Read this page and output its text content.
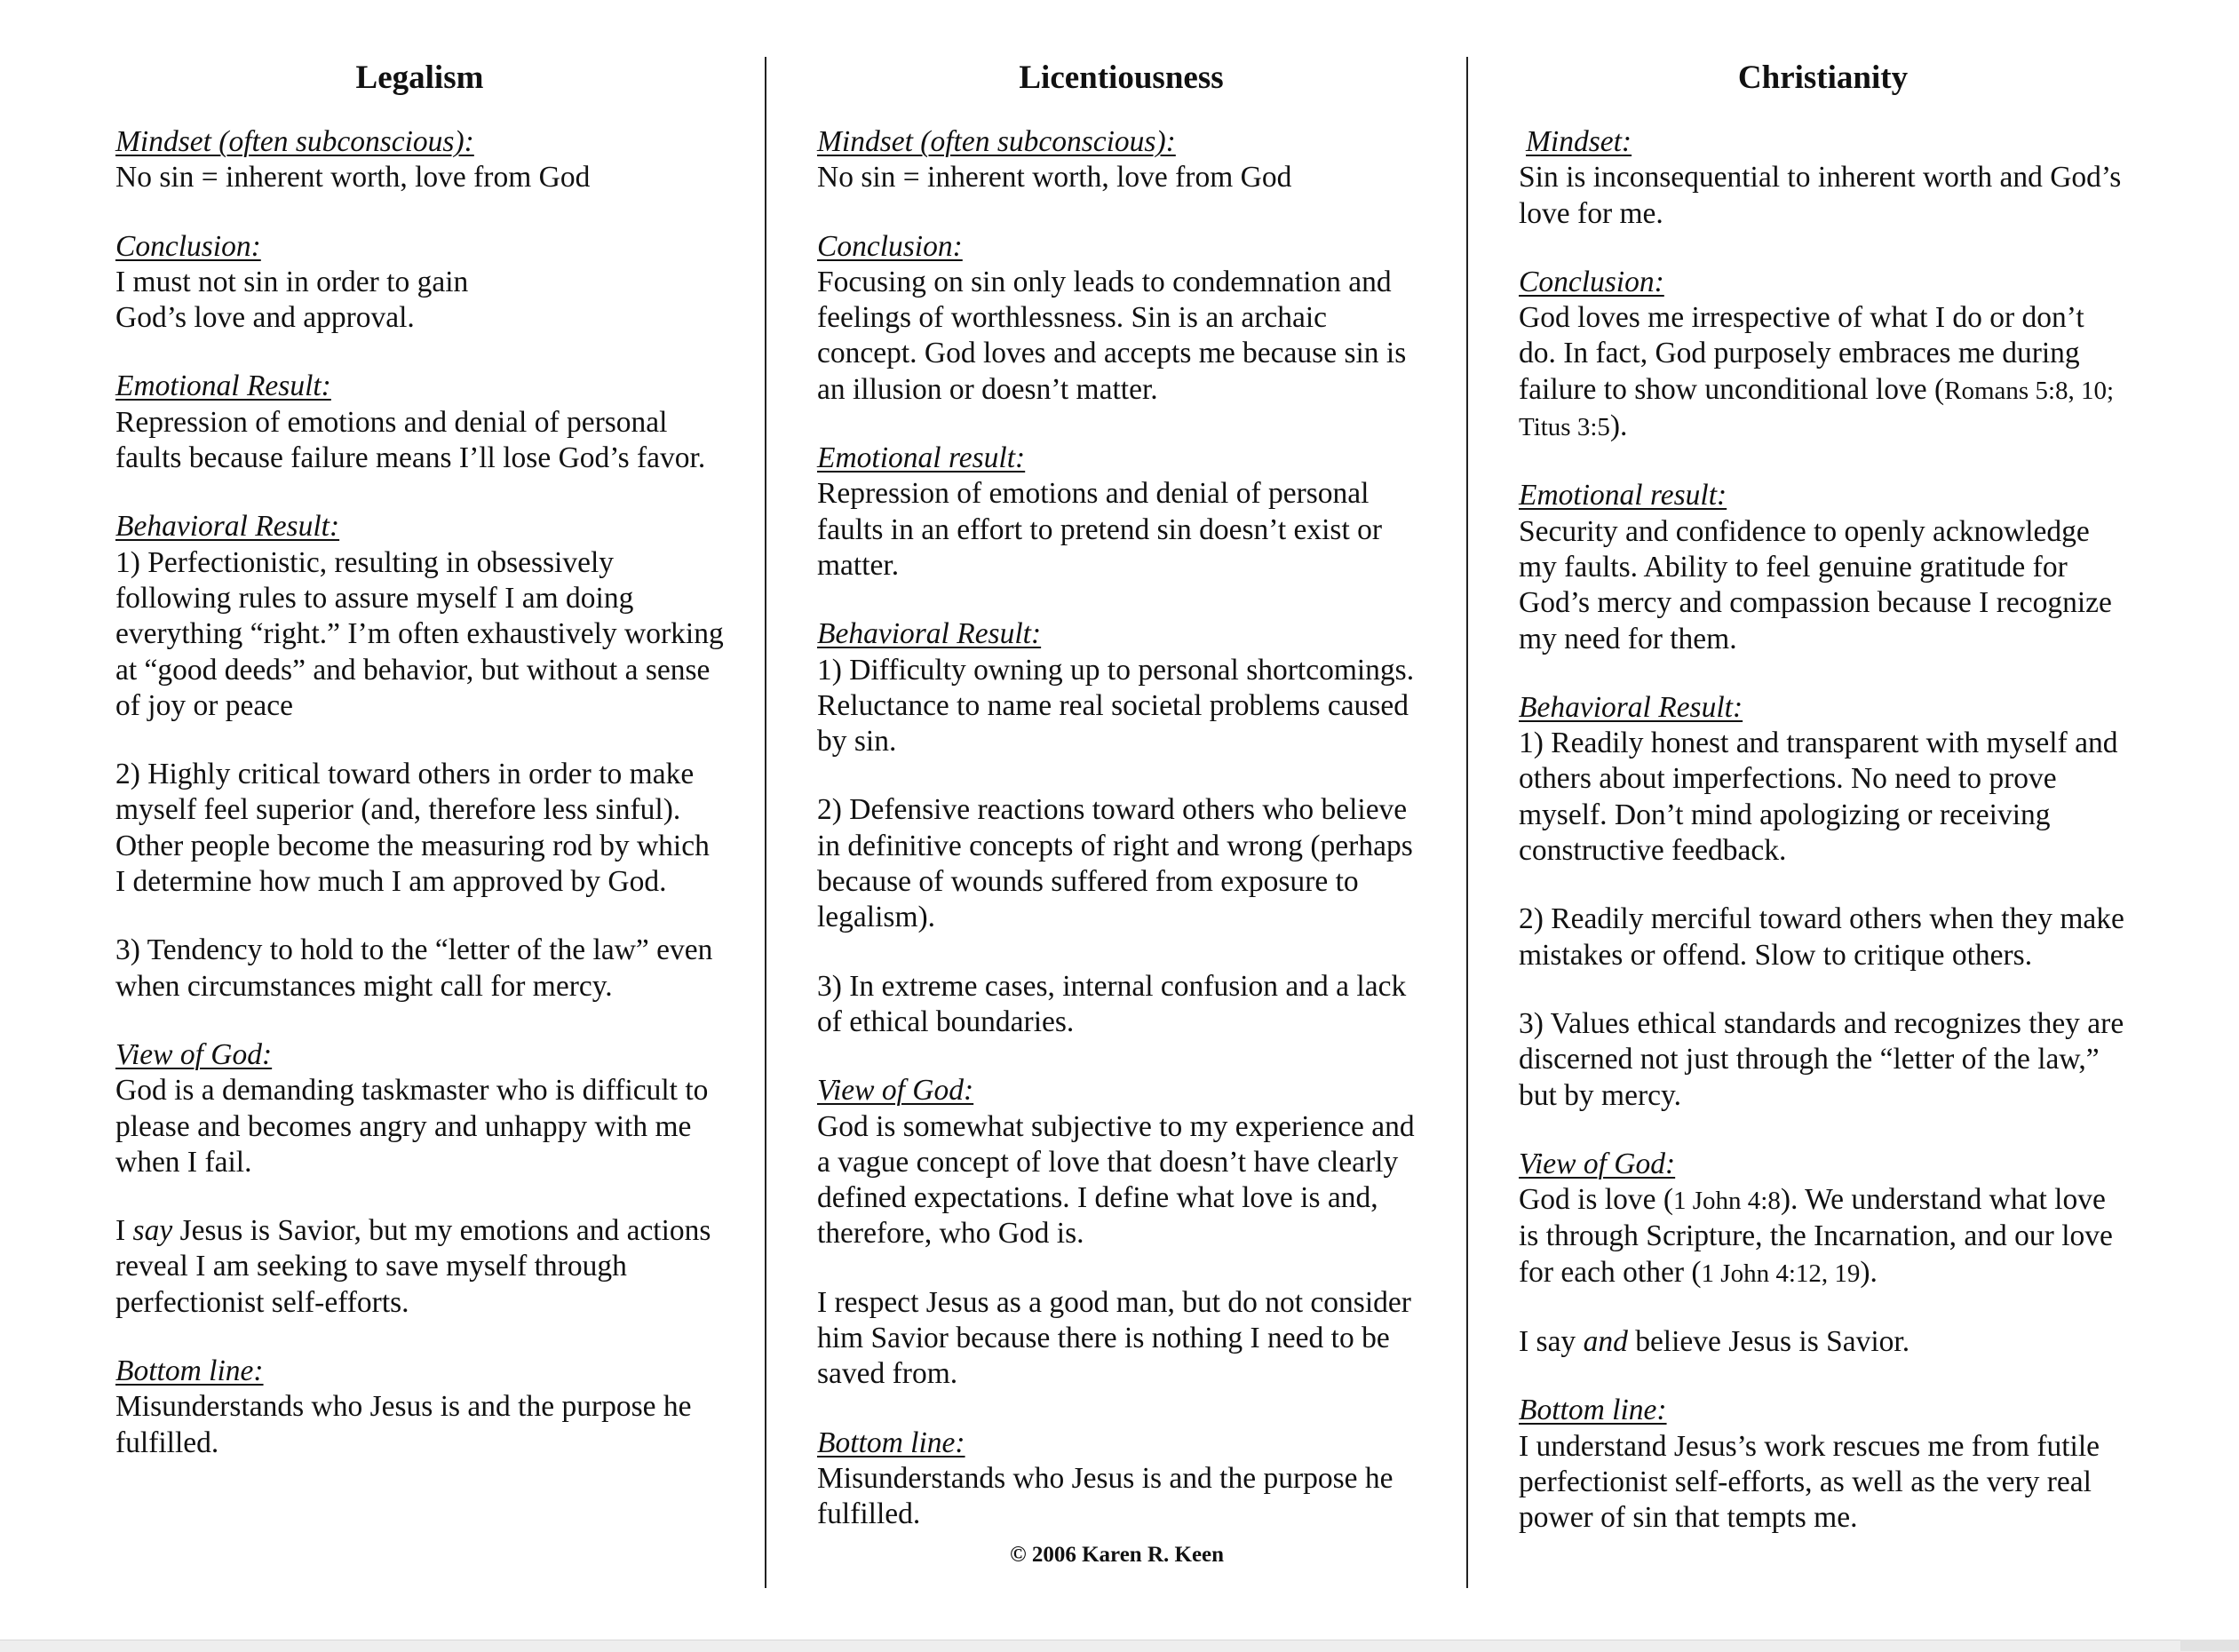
Legalism
Mindset (often subconscious):
No sin = inherent worth, love from God
Conclusion:
I must not sin in order to gain God’s love and approval.
Emotional Result:
Repression of emotions and denial of personal faults because failure means I’ll lose God’s favor.
Behavioral Result:
1) Perfectionistic, resulting in obsessively following rules to assure myself I am doing everything “right.” I’m often exhaustively working at “good deeds” and behavior, but without a sense of joy or peace
2) Highly critical toward others in order to make myself feel superior (and, therefore less sinful). Other people become the measuring rod by which I determine how much I am approved by God.
3) Tendency to hold to the “letter of the law” even when circumstances might call for mercy.
View of God:
God is a demanding taskmaster who is difficult to please and becomes angry and unhappy with me when I fail.
I say Jesus is Savior, but my emotions and actions reveal I am seeking to save myself through perfectionist self-efforts.
Bottom line:
Misunderstands who Jesus is and the purpose he fulfilled.
Licentiousness
Mindset (often subconscious):
No sin = inherent worth, love from God
Conclusion:
Focusing on sin only leads to condemnation and feelings of worthlessness. Sin is an archaic concept. God loves and accepts me because sin is an illusion or doesn’t matter.
Emotional result:
Repression of emotions and denial of personal faults in an effort to pretend sin doesn’t exist or matter.
Behavioral Result:
1) Difficulty owning up to personal shortcomings. Reluctance to name real societal problems caused by sin.
2) Defensive reactions toward others who believe in definitive concepts of right and wrong (perhaps because of wounds suffered from exposure to legalism).
3) In extreme cases, internal confusion and a lack of ethical boundaries.
View of God:
God is somewhat subjective to my experience and a vague concept of love that doesn’t have clearly defined expectations. I define what love is and, therefore, who God is.
I respect Jesus as a good man, but do not consider him Savior because there is nothing I need to be saved from.
Bottom line:
Misunderstands who Jesus is and the purpose he fulfilled.
Christianity
Mindset:
Sin is inconsequential to inherent worth and God’s love for me.
Conclusion:
God loves me irrespective of what I do or don’t do. In fact, God purposely embraces me during failure to show unconditional love (Romans 5:8, 10; Titus 3:5).
Emotional result:
Security and confidence to openly acknowledge my faults. Ability to feel genuine gratitude for God’s mercy and compassion because I recognize my need for them.
Behavioral Result:
1) Readily honest and transparent with myself and others about imperfections. No need to prove myself. Don’t mind apologizing or receiving constructive feedback.
2) Readily merciful toward others when they make mistakes or offend. Slow to critique others.
3) Values ethical standards and recognizes they are discerned not just through the “letter of the law,” but by mercy.
View of God:
God is love (1 John 4:8). We understand what love is through Scripture, the Incarnation, and our love for each other (1 John 4:12, 19).
I say and believe Jesus is Savior.
Bottom line:
I understand Jesus’s work rescues me from futile perfectionist self-efforts, as well as the very real power of sin that tempts me.
© 2006 Karen R. Keen
